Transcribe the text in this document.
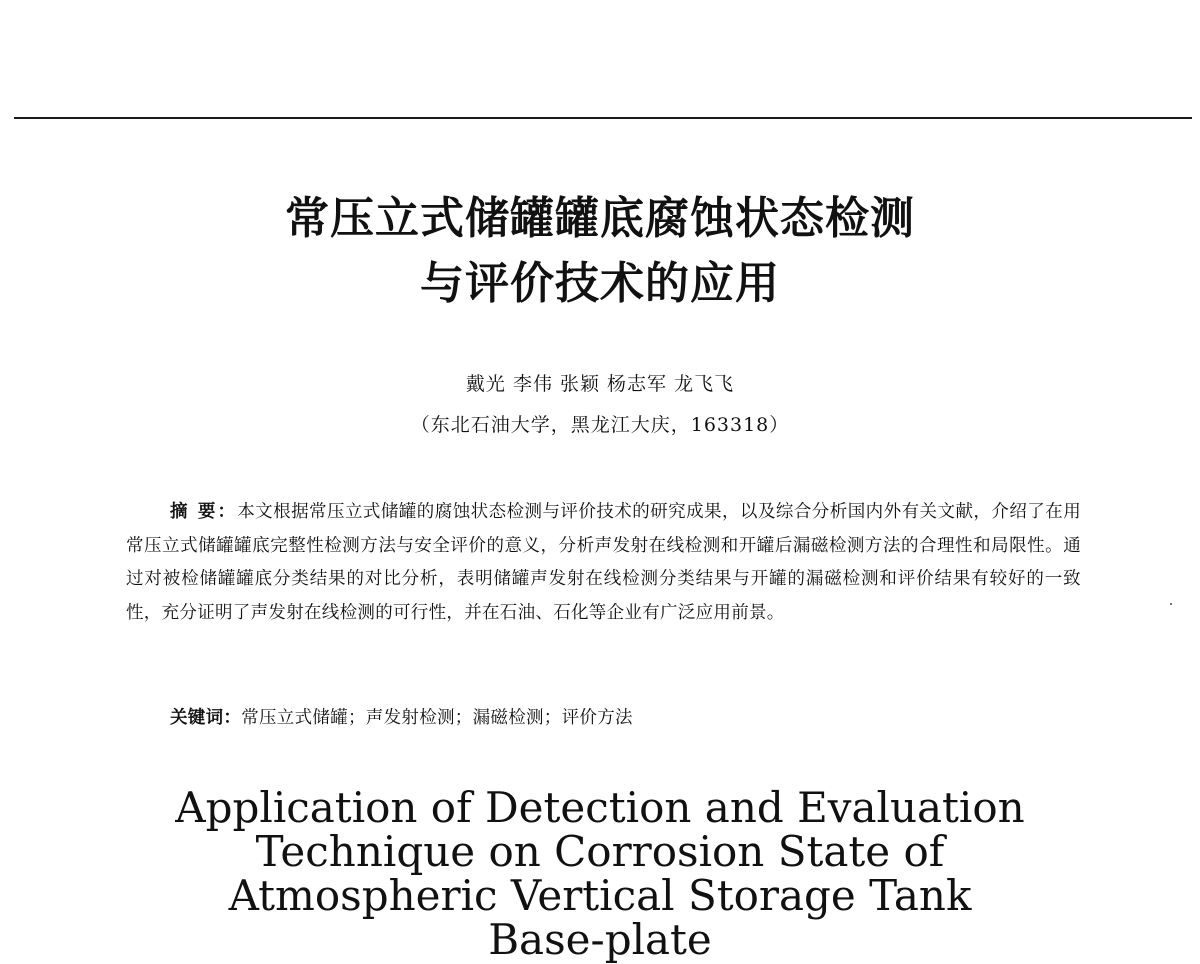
常压立式储罐罐底腐蚀状态检测
与评价技术的应用
戴光 李伟 张颖 杨志军 龙飞飞
（东北石油大学，黑龙江大庆，163318）
摘 要：本文根据常压立式储罐的腐蚀状态检测与评价技术的研究成果，以及综合分析国内外有关文献，介绍了在用常压立式储罐罐底完整性检测方法与安全评价的意义，分析声发射在线检测和开罐后漏磁检测方法的合理性和局限性。通过对被检储罐罐底分类结果的对比分析，表明储罐声发射在线检测分类结果与开罐的漏磁检测和评价结果有较好的一致性，充分证明了声发射在线检测的可行性，并在石油、石化等企业有广泛应用前景。
关键词：常压立式储罐；声发射检测；漏磁检测；评价方法
Application of Detection and Evaluation
Technique on Corrosion State of
Atmospheric Vertical Storage Tank
Base-plate
